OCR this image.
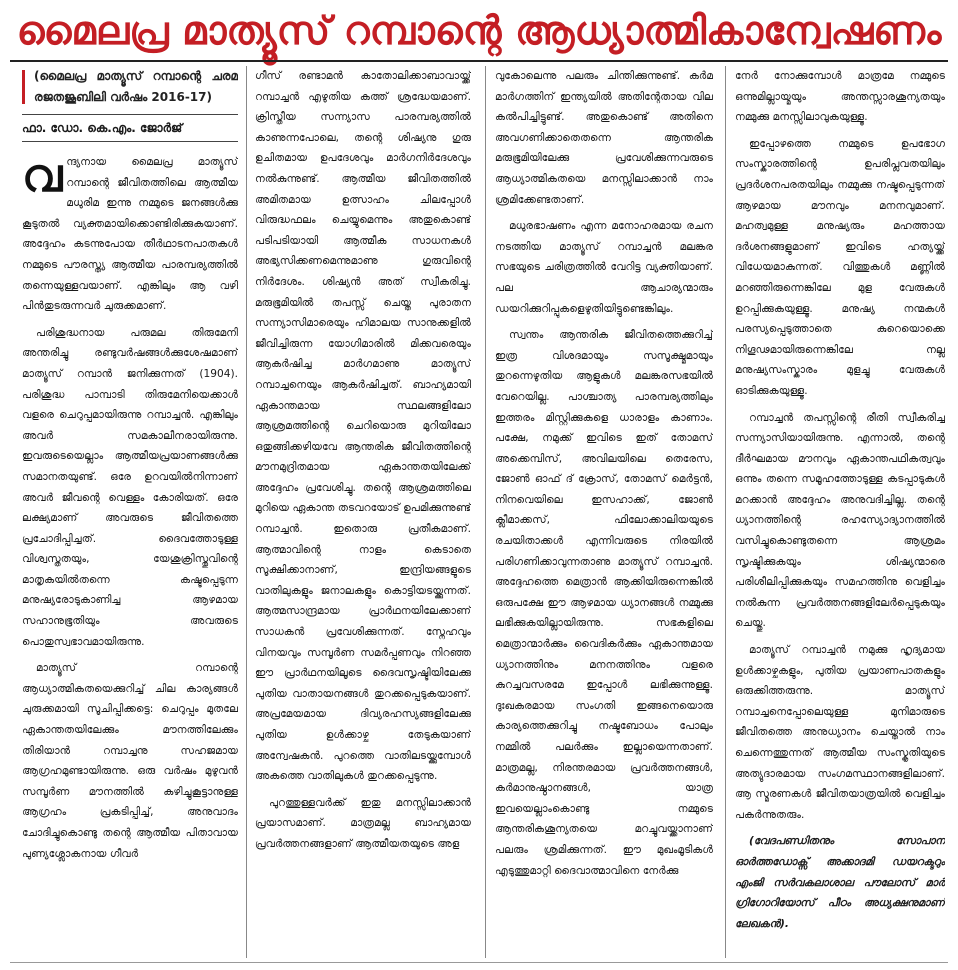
മൈലപ്ര മാത്യൂസ് റമ്പാന്റെ ആധ്യാത്മികാന്വേഷണം
(മൈലപ്ര മാത്യൂസ് റമ്പാന്റെ ചരമ രജതജൂബിലി വർഷം 2016-17)
ഫാ. ഡോ. കെ.എം. ജോർജ്

വന്ദ്യനായ മൈലപ്ര മാത്യൂസ് റമ്പാന്റെ ജീവിതത്തിലെ ആത്മീയ മധുരിമ ഇന്നു നമ്മുടെ ജനങ്ങൾക്കു കൂടുതൽ വ്യക്തമായിക്കൊണ്ടിരിക്കുകയാണ്. അദ്ദേഹം കടന്നുപോയ തീർഥാടനപാതകൾ നമ്മുടെ പൗരസ്ത്യ ആത്മീയ പാരമ്പര്യത്തിൽ തന്നെയുള്ളവയാണ്. എങ്കിലും ആ വഴി പിൻതുടരുന്നവർ ചുരുക്കമാണ്.

പരിശുദ്ധനായ പരുമല തിരുമേനി അന്തരിച്ചു രണ്ടുവർഷങ്ങൾക്കുശേഷമാണ് മാത്യൂസ് റമ്പാൻ ജനിക്കുന്നത് (1904). പരിശുദ്ധ പാമ്പാടി തിരുമേനിയെക്കാൾ വളരെ ചെറുപ്പമായിരുന്നു റമ്പാച്ചൻ. എങ്കിലും അവർ സമകാലീനരായിരുന്നു. ഇവരുടെയെല്ലാം ആത്മീയപ്രയാണങ്ങൾക്കു സമാനതയുണ്ട്. ഒരേ ഉറവയിൽനിന്നാണ് അവർ ജീവന്റെ വെള്ളം കോരിയത്. ഒരേ ലക്ഷ്യമാണ് അവരുടെ ജീവിതത്തെ പ്രചോദിപ്പിച്ചത്. ദൈവത്തോടുള്ള വിശ്വസ്തതയും, യേശുക്രിസ്തുവിന്റെ മാതൃകയിൽതന്നെ കഷ്ടപ്പെടുന്ന മനുഷ്യരോടുകാണിച്ച ആഴമായ സഹാനുഭൂതിയും അവരുടെ പൊതുസ്വഭാവമായിരുന്നു.

മാത്യൂസ് റമ്പാന്റെ ആധ്യാത്മികതയെക്കുറിച്ച് ചില കാര്യങ്ങൾ ചുരുക്കമായി സൂചിപ്പിക്കട്ടെ: ചെറുപ്പം മുതലേ ഏകാന്തതയിലേക്കും മൗനത്തിലേക്കും തിരിയാൻ റമ്പാച്ചനു സഹജമായ ആഗ്രഹമുണ്ടായിരുന്നു. ഒരു വർഷം മുഴുവൻ സമ്പൂർണ മൗനത്തിൽ കഴിച്ചുകൂട്ടാനുള്ള ആഗ്രഹം പ്രകടിപ്പിച്ച്, അനുവാദം ചോദിച്ചുകൊണ്ടു തന്റെ ആത്മീയ പിതാവായ പുണ്യശ്ലോകനായ ഗീവർ

ഗീസ് രണ്ടാമൻ കാതോലിക്കാബാവായ്ക്ക് റമ്പാച്ചൻ എഴുതിയ കത്ത് ശ്രദ്ധേയമാണ്. ക്രിസ്തീയ സന്ന്യാസ പാരമ്പര്യത്തിൽ കാണുന്നപോലെ, തന്റെ ശിഷ്യനു ഗുരു ഉചിതമായ ഉപദേശവും മാർഗനിർദേശവും നൽകുന്നുണ്ട്. ആത്മീയ ജീവിതത്തിൽ അമിതമായ ഉത്സാഹം ചിലപ്പോൾ വിരുദ്ധഫലം ചെയ്യുമെന്നും അതുകൊണ്ട് പടിപടിയായി ആത്മീക സാധനകൾ അഭ്യസിക്കണമെന്നുമാണു ഗുരുവിന്റെ നിർദേശം. ശിഷ്യൻ അത് സ്വീകരിച്ചു. മരുഭൂമിയിൽ തപസ്സ് ചെയ്ത പുരാതന സന്ന്യാസിമാരെയും ഹിമാലയ സാനുക്കളിൽ ജീവിച്ചിരുന്ന യോഗിമാരിൽ മിക്കവരെയും ആകർഷിച്ച മാർഗമാണു മാത്യൂസ് റമ്പാച്ചനെയും ആകർഷിച്ചത്. ബാഹ്യമായി ഏകാന്തമായ സ്ഥലങ്ങളിലോ ആശ്രമത്തിന്റെ ചെറിയൊരു മുറിയിലോ ഒതുങ്ങിക്കഴിയവേ ആന്തരിക ജീവിതത്തിന്റെ മൗനമുദ്രിതമായ ഏകാന്തതയിലേക്ക് അദ്ദേഹം പ്രവേശിച്ചു. തന്റെ ആശ്രമത്തിലെ മുറിയെ ഏകാന്ത തടവറയോട് ഉപമിക്കുന്നുണ്ട് റമ്പാച്ചൻ. ഇതൊരു പ്രതീകമാണ്. ആത്മാവിന്റെ നാളം കെടാതെ സൂക്ഷിക്കാനാണ്, ഇന്ദ്രിയങ്ങളുടെ വാതിലുകളും ജനാലകളും കൊട്ടിയടയ്ക്കുന്നത്. ആത്മസാന്ദ്രമായ പ്രാർഥനയിലേക്കാണ് സാധകൻ പ്രവേശിക്കുന്നത്. സ്നേഹവും വിനയവും സമ്പൂർണ സമർപ്പണവും നിറഞ്ഞ ഈ പ്രാർഥനയിലൂടെ ദൈവസൃഷ്ടിയിലേക്കു പുതിയ വാതായനങ്ങൾ തുറക്കപ്പെടുകയാണ്. അപ്രമേയമായ ദിവ്യരഹസ്യങ്ങളിലേക്കു പുതിയ ഉൾക്കാഴ്ച തേടുകയാണ് അന്വേഷകൻ. പുറത്തെ വാതിലടയ്ക്കുമ്പോൾ അകത്തെ വാതിലുകൾ തുറക്കപ്പെടുന്നു.

പുറത്തുള്ളവർക്ക് ഇതു മനസ്സിലാക്കാൻ പ്രയാസമാണ്. മാത്രമല്ല ബാഹ്യമായ പ്രവർത്തനങ്ങളാണ് ആത്മീയതയുടെ അള

വുകോലെന്നു പലരും ചിന്തിക്കുന്നുണ്ട്. കർമ മാർഗത്തിന് ഇന്ത്യയിൽ അതിന്റേതായ വില കൽപിച്ചിട്ടുണ്ട്. അതുകൊണ്ട് അതിനെ അവഗണിക്കാതെതന്നെ ആന്തരിക മരുഭൂമിയിലേക്കു പ്രവേശിക്കുന്നവരുടെ ആധ്യാത്മികതയെ മനസ്സിലാക്കാൻ നാം ശ്രമിക്കേണ്ടതാണ്.

മധുരഭാഷണം എന്ന മനോഹരമായ രചന നടത്തിയ മാത്യൂസ് റമ്പാച്ചൻ മലങ്കര സഭയുടെ ചരിത്രത്തിൽ വേറിട്ട വ്യക്തിയാണ്. പല ആചാര്യന്മാരും ഡയറിക്കുറിപ്പുകളെഴുതിയിട്ടുണ്ടെങ്കിലും.

സ്വന്തം ആന്തരിക ജീവിതത്തെക്കുറിച്ച് ഇത്ര വിശദമായും സസൂക്ഷ്മമായും തുറന്നെഴുതിയ ആളുകൾ മലങ്കരസഭയിൽ വേറെയില്ല. പാശ്ചാത്യ പാരമ്പര്യത്തിലും ഇത്തരം മിസ്റ്റിക്കുകളെ ധാരാളം കാണാം. പക്ഷേ, നമുക്ക് ഇവിടെ ഇത് തോമസ് അക്കെമ്പിസ്, അവിലയിലെ തെരേസ, ജോൺ ഓഫ് ദ് ക്രോസ്, തോമസ് മെർട്ടൻ, നിനവെയിലെ ഇസഹാക്ക്, ജോൺ ക്ലീമാക്കസ്, ഫിലോക്കാലിയയുടെ രചയിതാക്കൾ എന്നിവരുടെ നിരയിൽ പരിഗണിക്കാവുന്നതാണു മാത്യൂസ് റമ്പാച്ചൻ. അദ്ദേഹത്തെ മെത്രാൻ ആക്കിയിരുന്നെങ്കിൽ ഒരുപക്ഷേ ഈ ആഴമായ ധ്യാനങ്ങൾ നമ്മുക്കു ലഭിക്കുകയില്ലായിരുന്നു. സഭകളിലെ മെത്രാന്മാർക്കും വൈദികർക്കും ഏകാന്തമായ ധ്യാനത്തിനും മനനത്തിനും വളരെ കുറച്ചവസരമേ ഇപ്പോൾ ലഭിക്കുന്നുള്ളൂ. ദുഃഖകരമായ സംഗതി ഇങ്ങനെയൊരു കാര്യത്തെക്കുറിച്ചു നഷ്ടബോധം പോലും നമ്മിൽ പലർക്കും ഇല്ലായെന്നതാണ്. മാത്രമല്ല, നിരന്തരമായ പ്രവർത്തനങ്ങൾ, കർമാനുഷ്ഠാനങ്ങൾ, യാത്ര ഇവയെല്ലാംകൊണ്ടു നമ്മുടെ ആന്തരികശൂന്യതയെ മറച്ചുവയ്ക്കാനാണ് പലരും ശ്രമിക്കുന്നത്. ഈ മുഖംമൂടികൾ എടുത്തുമാറ്റി ദൈവാത്മാവിനെ നേർക്കു

നേർ നോക്കുമ്പോൾ മാത്രമേ നമ്മുടെ ഒന്നുമില്ലായ്മയും അന്തസ്സാരശൂന്യതയും നമ്മുക്കു മനസ്സിലാവുകയുള്ളൂ.

ഇപ്പോഴത്തെ നമ്മുടെ ഉപഭോഗ സംസ്കാരത്തിന്റെ ഉപരിപ്ലവതയിലും പ്രദർശനപരതയിലും നമ്മുക്കു നഷ്ടപ്പെടുന്നത് ആഴമായ മൗനവും മനനവുമാണ്. മഹത്വമുള്ള മനുഷ്യരും മഹത്തായ ദർശനങ്ങളുമാണ് ഇവിടെ ഹത്യയ്ക്ക് വിധേയമാകുന്നത്. വിത്തുകൾ മണ്ണിൽ മറഞ്ഞിരുന്നെങ്കിലേ മുള വേരുകൾ ഉറപ്പിക്കുകയുള്ളൂ. മനുഷ്യ നന്മകൾ പരസ്യപ്പെടുത്താതെ കുറെയൊക്കെ നിഗൂഢമായിരുന്നെങ്കിലേ നല്ല മനുഷ്യസംസ്കാരം മുളച്ചു വേരുകൾ ഓടിക്കുകയുള്ളൂ.

റമ്പാച്ചൻ തപസ്സിന്റെ രീതി സ്വീകരിച്ച സന്ന്യാസിയായിരുന്നു. എന്നാൽ, തന്റെ ദീർഘമായ മൗനവും ഏകാന്തപഥികത്വവും ഒന്നും തന്നെ സമൂഹത്തോടുള്ള കടപ്പാടുകൾ മറക്കാൻ അദ്ദേഹം അനുവദിച്ചില്ല. തന്റെ ധ്യാനത്തിന്റെ രഹസ്യോദ്യാനത്തിൽ വസിച്ചുകൊണ്ടുതന്നെ ആശ്രമം സൃഷ്ടിക്കുകയും ശിഷ്യന്മാരെ പരിശീലിപ്പിക്കുകയും സമഹത്തിനു വെളിച്ചം നൽകുന്ന പ്രവർത്തനങ്ങളിലേർപ്പെടുകയും ചെയ്തു.

മാത്യൂസ് റമ്പാച്ചൻ നമുക്കു ഹൃദ്യമായ ഉൾക്കാഴ്ചകളും, പുതിയ പ്രയാണപാതകളും ഒരുക്കിത്തരുന്നു. മാത്യൂസ് റമ്പാച്ചനെപ്പോലെയുള്ള മുനിമാരുടെ ജീവിതത്തെ അനുധ്യാനം ചെയ്താൽ നാം ചെന്നെത്തുന്നത് ആത്മീയ സംസ്കൃതിയുടെ അത്യുദാരമായ സംഗമസ്ഥാനങ്ങളിലാണ്. ആ സ്മരണകൾ ജീവിതയാത്രയിൽ വെളിച്ചം പകർന്നുതരും.

(വേദപണ്ഡിതനും സോപാന ഓർത്തഡോക്സ് അക്കാദമി ഡയറക്ടറും എംജി സർവകലാശാല പൗലോസ് മാർ ഗ്രിഗോറിയോസ് പീഠം അധ്യക്ഷനുമാണ് ലേഖകൻ).
